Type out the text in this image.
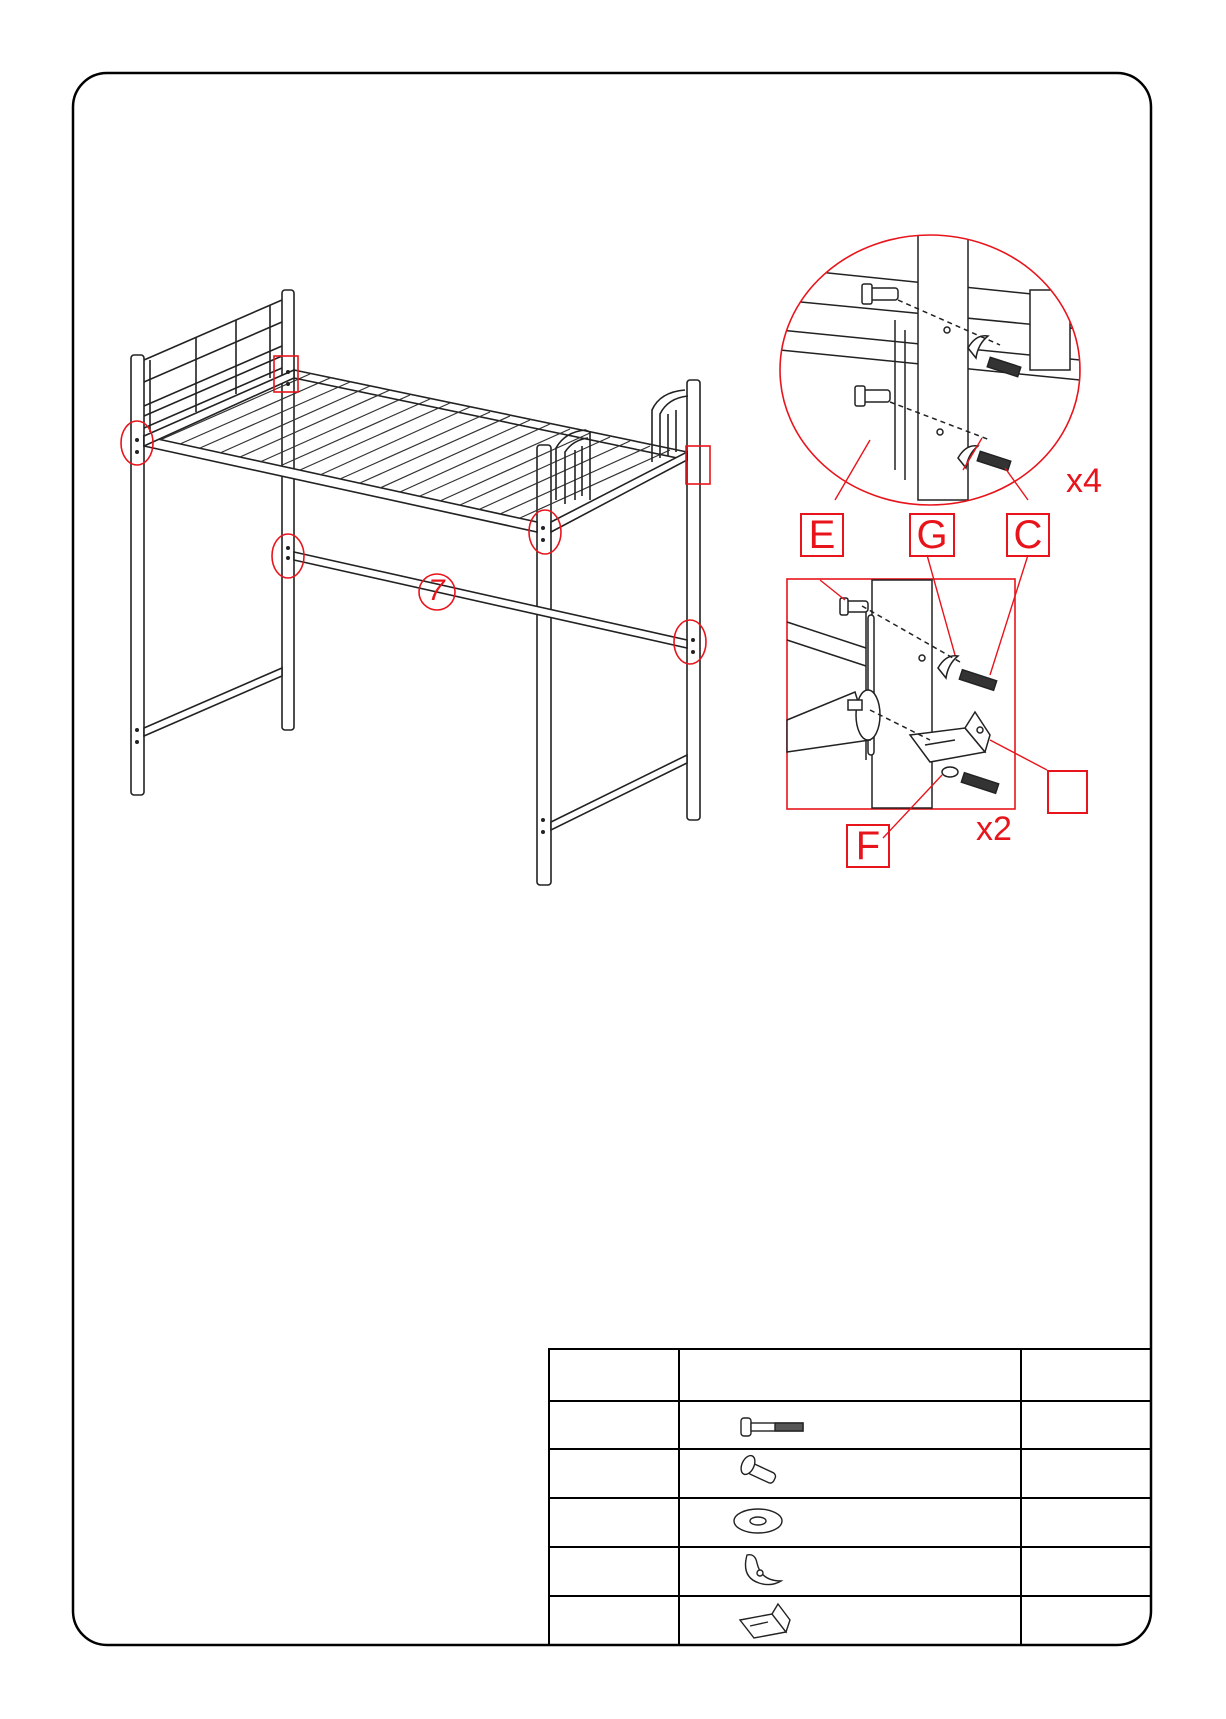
E G C
F
x4
x2
7
